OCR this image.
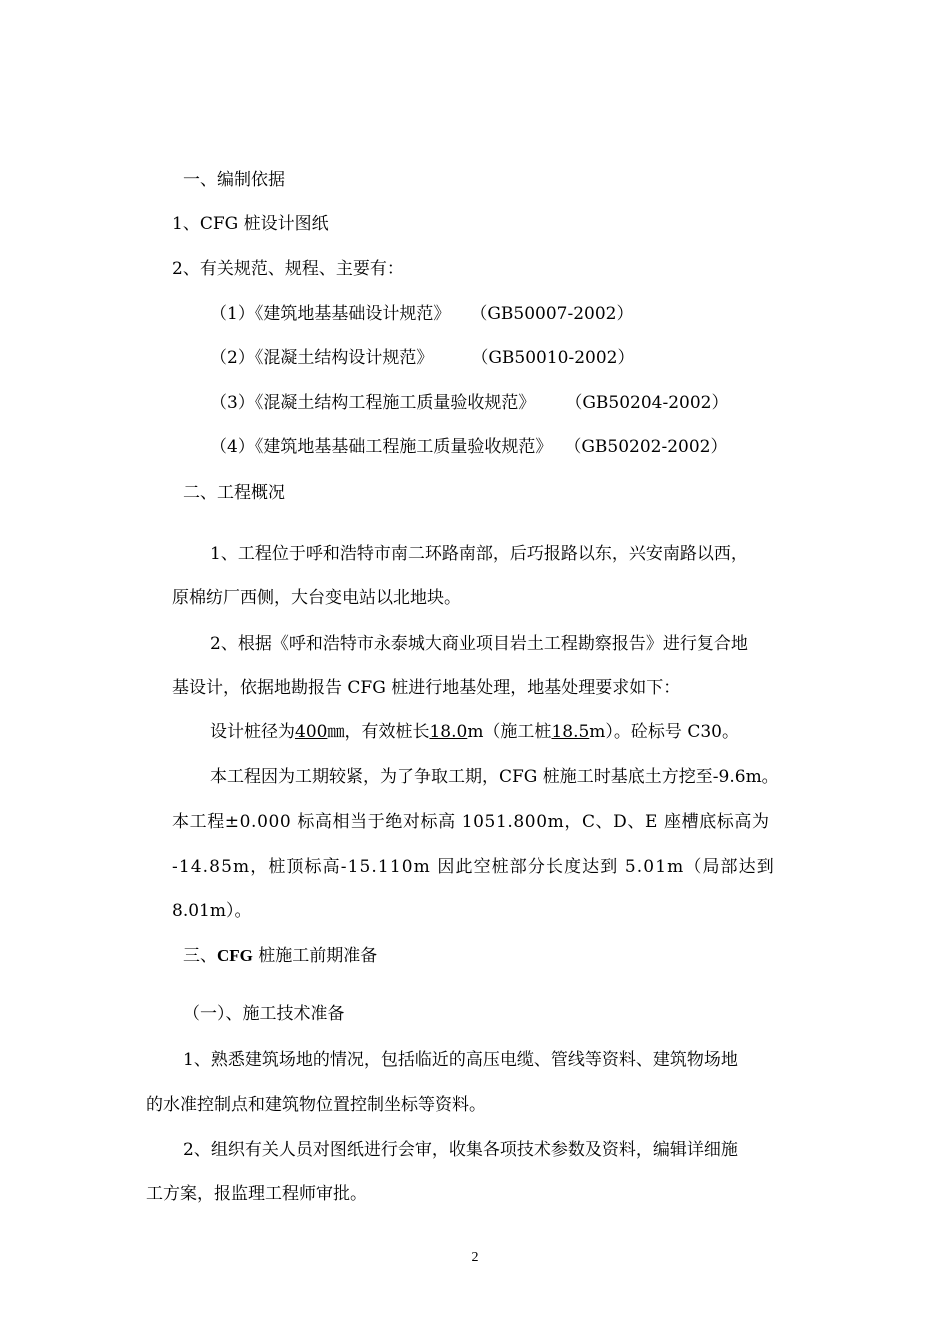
一、编制依据
1、CFG 桩设计图纸
2、有关规范、规程、主要有：
（1）《建筑地基基础设计规范》 （GB50007-2002）
（2）《混凝土结构设计规范》 （GB50010-2002）
（3）《混凝土结构工程施工质量验收规范》 （GB50204-2002）
（4）《建筑地基基础工程施工质量验收规范》 （GB50202-2002）
二、工程概况
1、工程位于呼和浩特市南二环路南部，后巧报路以东，兴安南路以西，
原棉纺厂西侧，大台变电站以北地块。
2、根据《呼和浩特市永泰城大商业项目岩土工程勘察报告》进行复合地
基设计，依据地勘报告 CFG 桩进行地基处理，地基处理要求如下：
设计桩径为400㎜，有效桩长18.0m（施工桩18.5m）。砼标号 C30。
本工程因为工期较紧，为了争取工期，CFG 桩施工时基底土方挖至-9.6m。
本工程±0.000 标高相当于绝对标高 1051.800m，C、D、E 座槽底标高为
-14.85m，桩顶标高-15.110m 因此空桩部分长度达到 5.01m（局部达到
8.01m）。
三、CFG 桩施工前期准备
（一）、施工技术准备
1、熟悉建筑场地的情况，包括临近的高压电缆、管线等资料、建筑物场地
的水准控制点和建筑物位置控制坐标等资料。
2、组织有关人员对图纸进行会审，收集各项技术参数及资料，编辑详细施
工方案，报监理工程师审批。
2
